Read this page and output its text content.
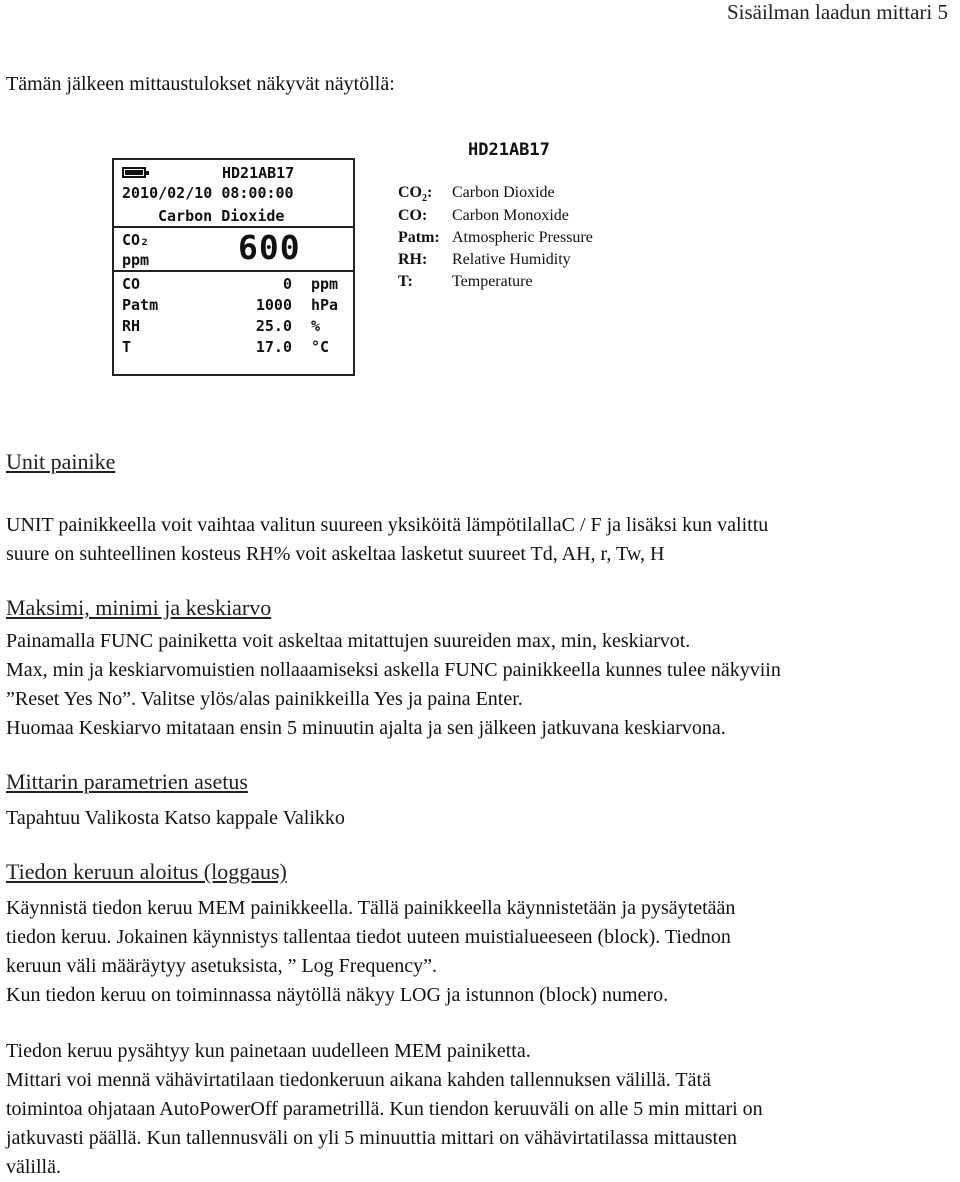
Sisäilman laadun mittari 5
Tämän jälkeen mittaustulokset näkyvät näytöllä:
HD21AB17
2010/02/10 08:00:00
Carbon Dioxide
CO₂
ppm	600
CO	0 ppm
Patm	1000 hPa
RH	25.0 %
T	17.0 °C
HD21AB17
$CO_2$: Carbon Dioxide
CO: Carbon Monoxide
Patm: Atmospheric Pressure
RH: Relative Humidity
T: Temperature
Unit painike
UNIT painikkeella voit vaihtaa valitun suureen yksiköitä lämpötilallaC / F ja lisäksi kun valittu
suure on suhteellinen kosteus RH% voit askeltaa lasketut suureet Td, AH, r, Tw, H
Maksimi, minimi ja keskiarvo
Painamalla FUNC painiketta voit askeltaa mitattujen suureiden max, min, keskiarvot.
Max, min ja keskiarvomuistien nollaaamiseksi askella FUNC painikkeella kunnes tulee näkyviin
”Reset Yes No”. Valitse ylös/alas painikkeilla Yes ja paina Enter.
Huomaa Keskiarvo mitataan ensin 5 minuutin ajalta ja sen jälkeen jatkuvana keskiarvona.
Mittarin parametrien asetus
Tapahtuu Valikosta Katso kappale Valikko
Tiedon keruun aloitus (loggaus)
Käynnistä tiedon keruu MEM painikkeella. Tällä painikkeella käynnistetään ja pysäytetään
tiedon keruu. Jokainen käynnistys tallentaa tiedot uuteen muistialueeseen (block). Tiednon
keruun väli määräytyy asetuksista, ” Log Frequency”.
Kun tiedon keruu on toiminnassa näytöllä näkyy LOG ja istunnon (block) numero.
Tiedon keruu pysähtyy kun painetaan uudelleen MEM painiketta.
Mittari voi mennä vähävirtatilaan tiedonkeruun aikana kahden tallennuksen välillä. Tätä
toimintoa ohjataan AutoPowerOff parametrillä. Kun tiendon keruuväli on alle 5 min mittari on
jatkuvasti päällä. Kun tallennusväli on yli 5 minuuttia mittari on vähävirtatilassa mittausten
välillä.
